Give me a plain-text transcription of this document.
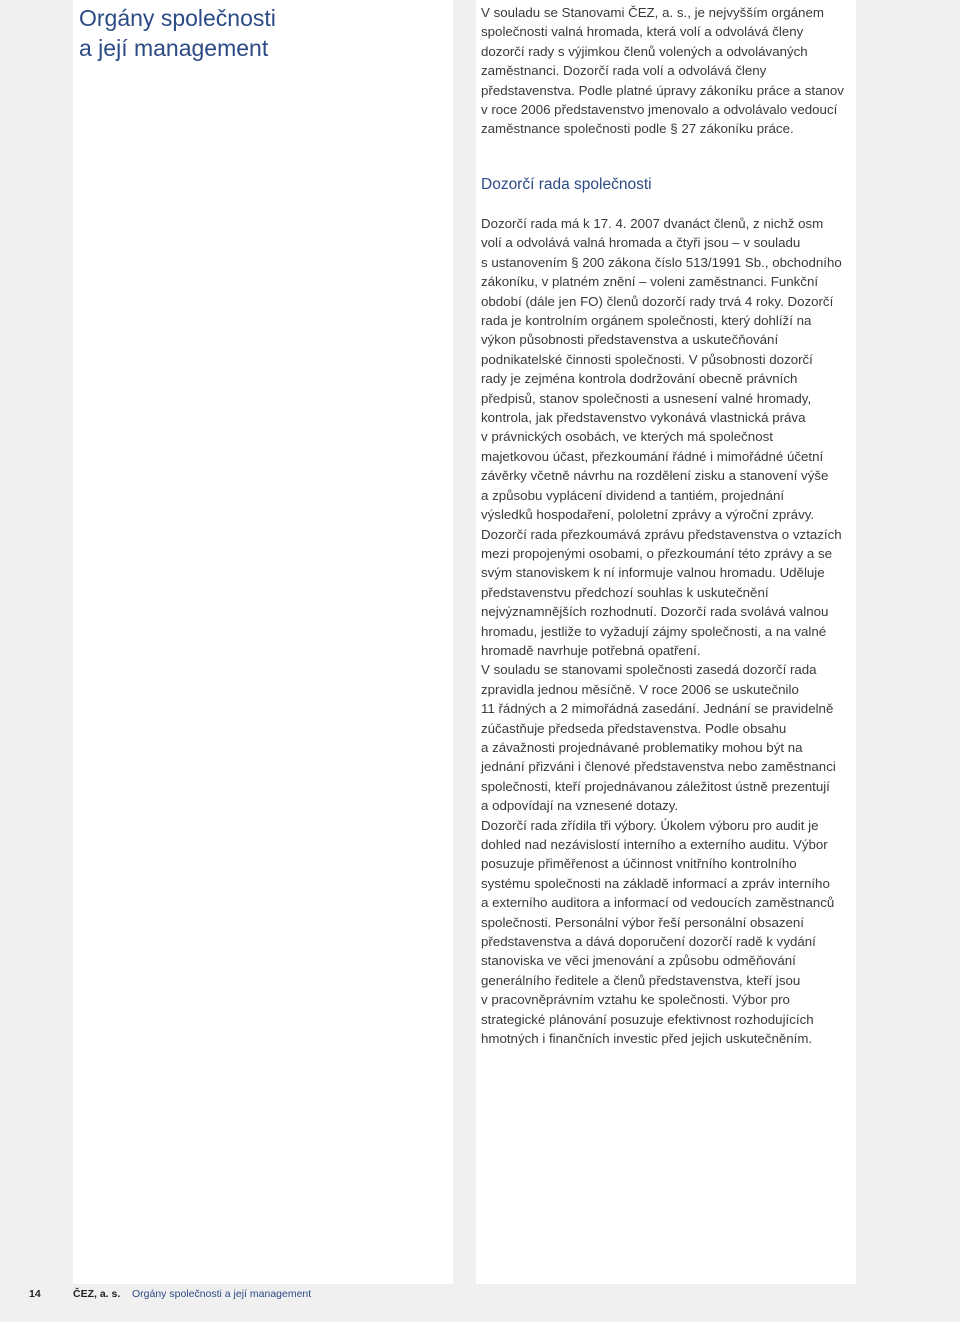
Orgány společnosti
a její management

V souladu se Stanovami ČEZ, a. s., je nejvyšším orgánem
společnosti valná hromada, která volí a odvolává členy
dozorčí rady s výjimkou členů volených a odvolávaných
zaměstnanci. Dozorčí rada volí a odvolává členy
představenstva. Podle platné úpravy zákoníku práce a stanov
v roce 2006 představenstvo jmenovalo a odvolávalo vedoucí
zaměstnance společnosti podle § 27 zákoníku práce.

Dozorčí rada společnosti

Dozorčí rada má k 17. 4. 2007 dvanáct členů, z nichž osm
volí a odvolává valná hromada a čtyři jsou – v souladu
s ustanovením § 200 zákona číslo 513/1991 Sb., obchodního
zákoníku, v platném znění – voleni zaměstnanci. Funkční
období (dále jen FO) členů dozorčí rady trvá 4 roky. Dozorčí
rada je kontrolním orgánem společnosti, který dohlíží na
výkon působnosti představenstva a uskutečňování
podnikatelské činnosti společnosti. V působnosti dozorčí
rady je zejména kontrola dodržování obecně právních
předpisů, stanov společnosti a usnesení valné hromady,
kontrola, jak představenstvo vykonává vlastnická práva
v právnických osobách, ve kterých má společnost
majetkovou účast, přezkoumání řádné i mimořádné účetní
závěrky včetně návrhu na rozdělení zisku a stanovení výše
a způsobu vyplácení dividend a tantiém, projednání
výsledků hospodaření, pololetní zprávy a výroční zprávy.
Dozorčí rada přezkoumává zprávu představenstva o vztazích
mezi propojenými osobami, o přezkoumání této zprávy a se
svým stanoviskem k ní informuje valnou hromadu. Uděluje
představenstvu předchozí souhlas k uskutečnění
nejvýznamnějších rozhodnutí. Dozorčí rada svolává valnou
hromadu, jestliže to vyžadují zájmy společnosti, a na valné
hromadě navrhuje potřebná opatření.
V souladu se stanovami společnosti zasedá dozorčí rada
zpravidla jednou měsíčně. V roce 2006 se uskutečnilo
11 řádných a 2 mimořádná zasedání. Jednání se pravidelně
zúčastňuje předseda představenstva. Podle obsahu
a závažnosti projednávané problematiky mohou být na
jednání přizváni i členové představenstva nebo zaměstnanci
společnosti, kteří projednávanou záležitost ústně prezentují
a odpovídají na vznesené dotazy.
Dozorčí rada zřídila tři výbory. Úkolem výboru pro audit je
dohled nad nezávislostí interního a externího auditu. Výbor
posuzuje přiměřenost a účinnost vnitřního kontrolního
systému společnosti na základě informací a zpráv interního
a externího auditora a informací od vedoucích zaměstnanců
společnosti. Personální výbor řeší personální obsazení
představenstva a dává doporučení dozorčí radě k vydání
stanoviska ve věci jmenování a způsobu odměňování
generálního ředitele a členů představenstva, kteří jsou
v pracovněprávním vztahu ke společnosti. Výbor pro
strategické plánování posuzuje efektivnost rozhodujících
hmotných i finančních investic před jejich uskutečněním.

14	ČEZ, a. s. Orgány společnosti a její management
